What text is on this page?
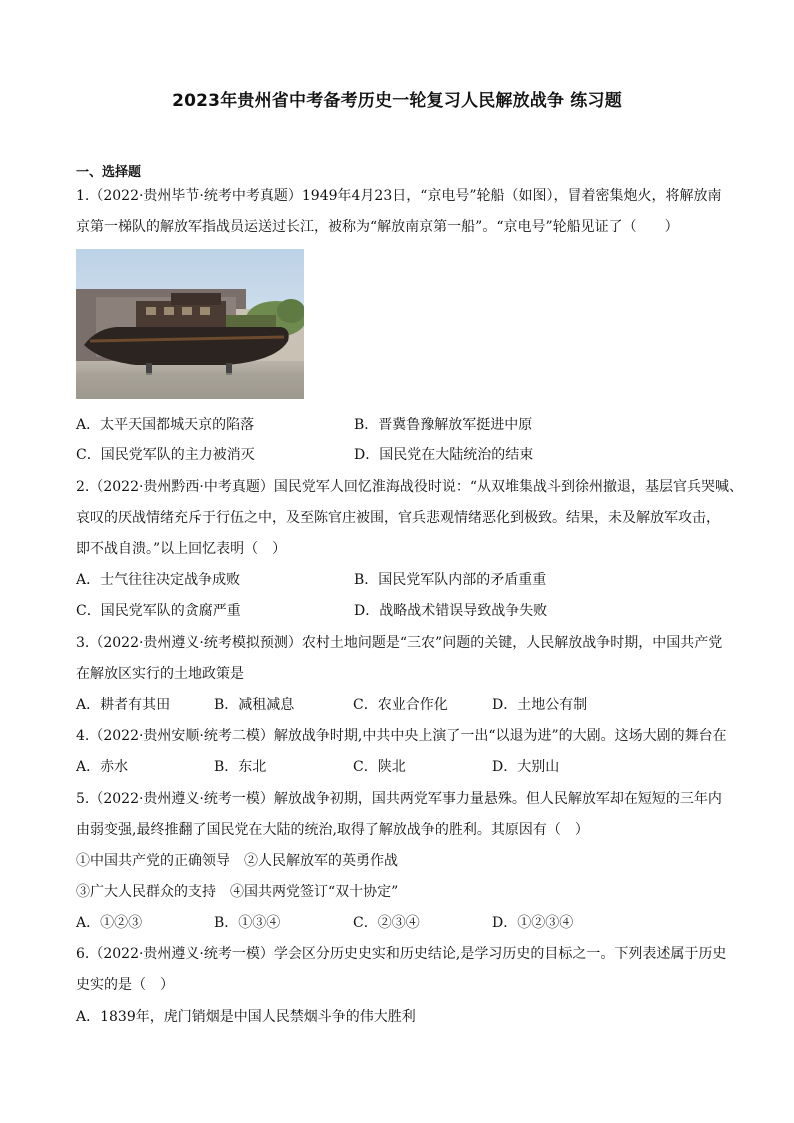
2023年贵州省中考备考历史一轮复习人民解放战争 练习题
一、选择题
1.（2022·贵州毕节·统考中考真题）1949年4月23日，“京电号”轮船（如图），冒着密集炮火，将解放南
京第一梯队的解放军指战员运送过长江，被称为“解放南京第一船”。“京电号”轮船见证了（　　）
A．太平天国都城天京的陷落	B．晋冀鲁豫解放军挺进中原
C．国民党军队的主力被消灭	D．国民党在大陆统治的结束
2.（2022·贵州黔西·中考真题）国民党军人回忆淮海战役时说：“从双堆集战斗到徐州撤退，基层官兵哭喊、
哀叹的厌战情绪充斥于行伍之中，及至陈官庄被围，官兵悲观情绪恶化到极致。结果，未及解放军攻击，
即不战自溃。”以上回忆表明（　）
A．士气往往决定战争成败	B．国民党军队内部的矛盾重重
C．国民党军队的贪腐严重	D．战略战术错误导致战争失败
3.（2022·贵州遵义·统考模拟预测）农村土地问题是“三农”问题的关键，人民解放战争时期，中国共产党
在解放区实行的土地政策是
A．耕者有其田	B．减租减息	C．农业合作化	D．土地公有制
4.（2022·贵州安顺·统考二模）解放战争时期,中共中央上演了一出“以退为进”的大剧。这场大剧的舞台在
A．赤水	B．东北	C．陕北	D．大别山
5.（2022·贵州遵义·统考一模）解放战争初期，国共两党军事力量悬殊。但人民解放军却在短短的三年内
由弱变强,最终推翻了国民党在大陆的统治,取得了解放战争的胜利。其原因有（　）
①中国共产党的正确领导　②人民解放军的英勇作战
③广大人民群众的支持　④国共两党签订“双十协定”
A．①②③	B．①③④	C．②③④	D．①②③④
6.（2022·贵州遵义·统考一模）学会区分历史史实和历史结论,是学习历史的目标之一。下列表述属于历史
史实的是（　）
A．1839年，虎门销烟是中国人民禁烟斗争的伟大胜利
